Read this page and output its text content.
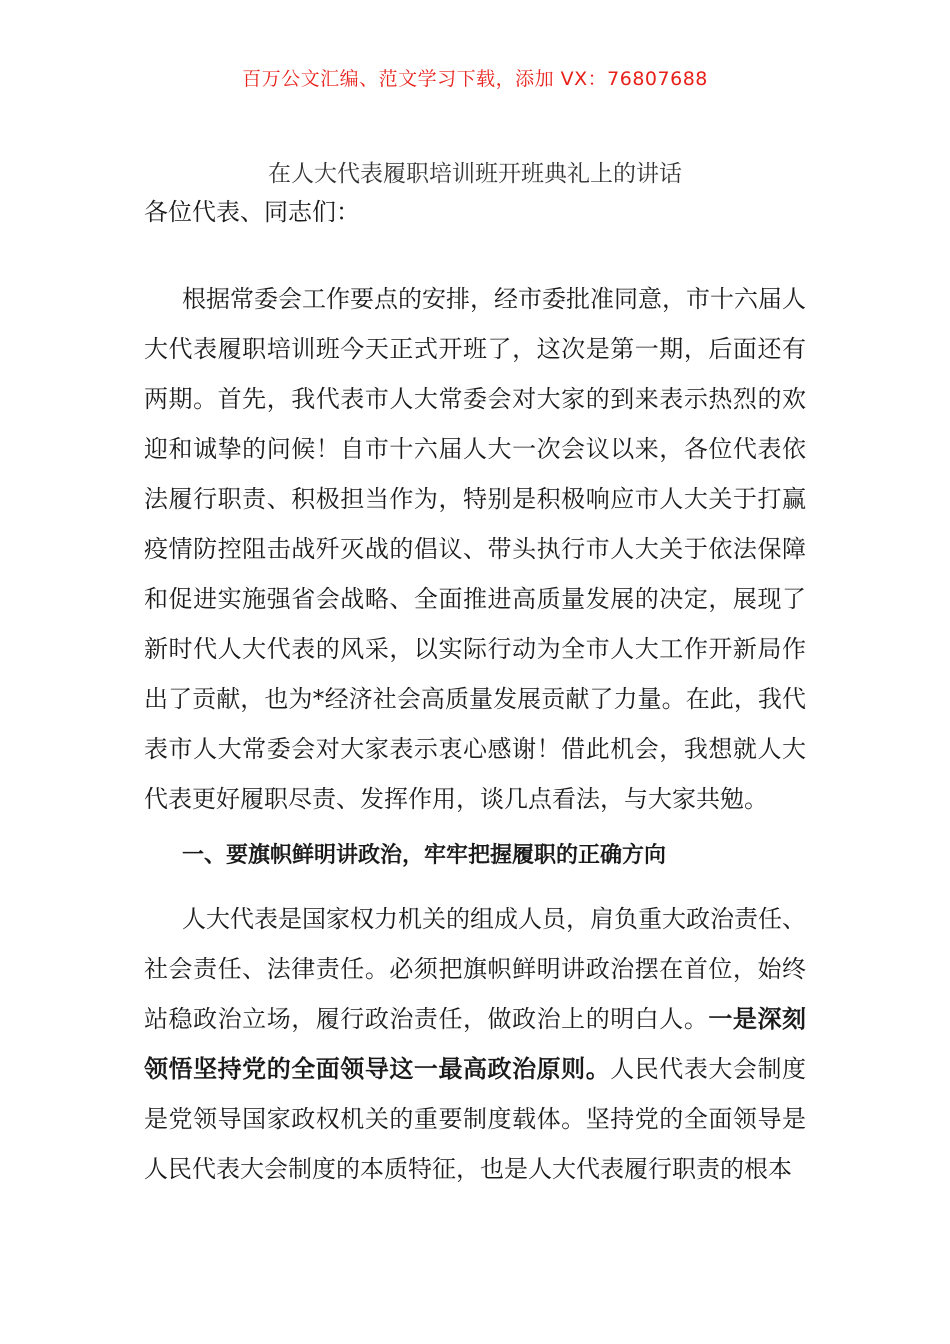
百万公文汇编、范文学习下载，添加 VX：76807688
在人大代表履职培训班开班典礼上的讲话
各位代表、同志们：

根据常委会工作要点的安排，经市委批准同意，市十六届人大代表履职培训班今天正式开班了，这次是第一期，后面还有两期。首先，我代表市人大常委会对大家的到来表示热烈的欢迎和诚挚的问候！自市十六届人大一次会议以来，各位代表依法履行职责、积极担当作为，特别是积极响应市人大关于打赢疫情防控阻击战歼灭战的倡议、带头执行市人大关于依法保障和促进实施强省会战略、全面推进高质量发展的决定，展现了新时代人大代表的风采，以实际行动为全市人大工作开新局作出了贡献，也为*经济社会高质量发展贡献了力量。在此，我代表市人大常委会对大家表示衷心感谢！借此机会，我想就人大代表更好履职尽责、发挥作用，谈几点看法，与大家共勉。

一、要旗帜鲜明讲政治，牢牢把握履职的正确方向

人大代表是国家权力机关的组成人员，肩负重大政治责任、社会责任、法律责任。必须把旗帜鲜明讲政治摆在首位，始终站稳政治立场，履行政治责任，做政治上的明白人。一是深刻领悟坚持党的全面领导这一最高政治原则。人民代表大会制度是党领导国家政权机关的重要制度载体。坚持党的全面领导是人民代表大会制度的本质特征，也是人大代表履行职责的根本
